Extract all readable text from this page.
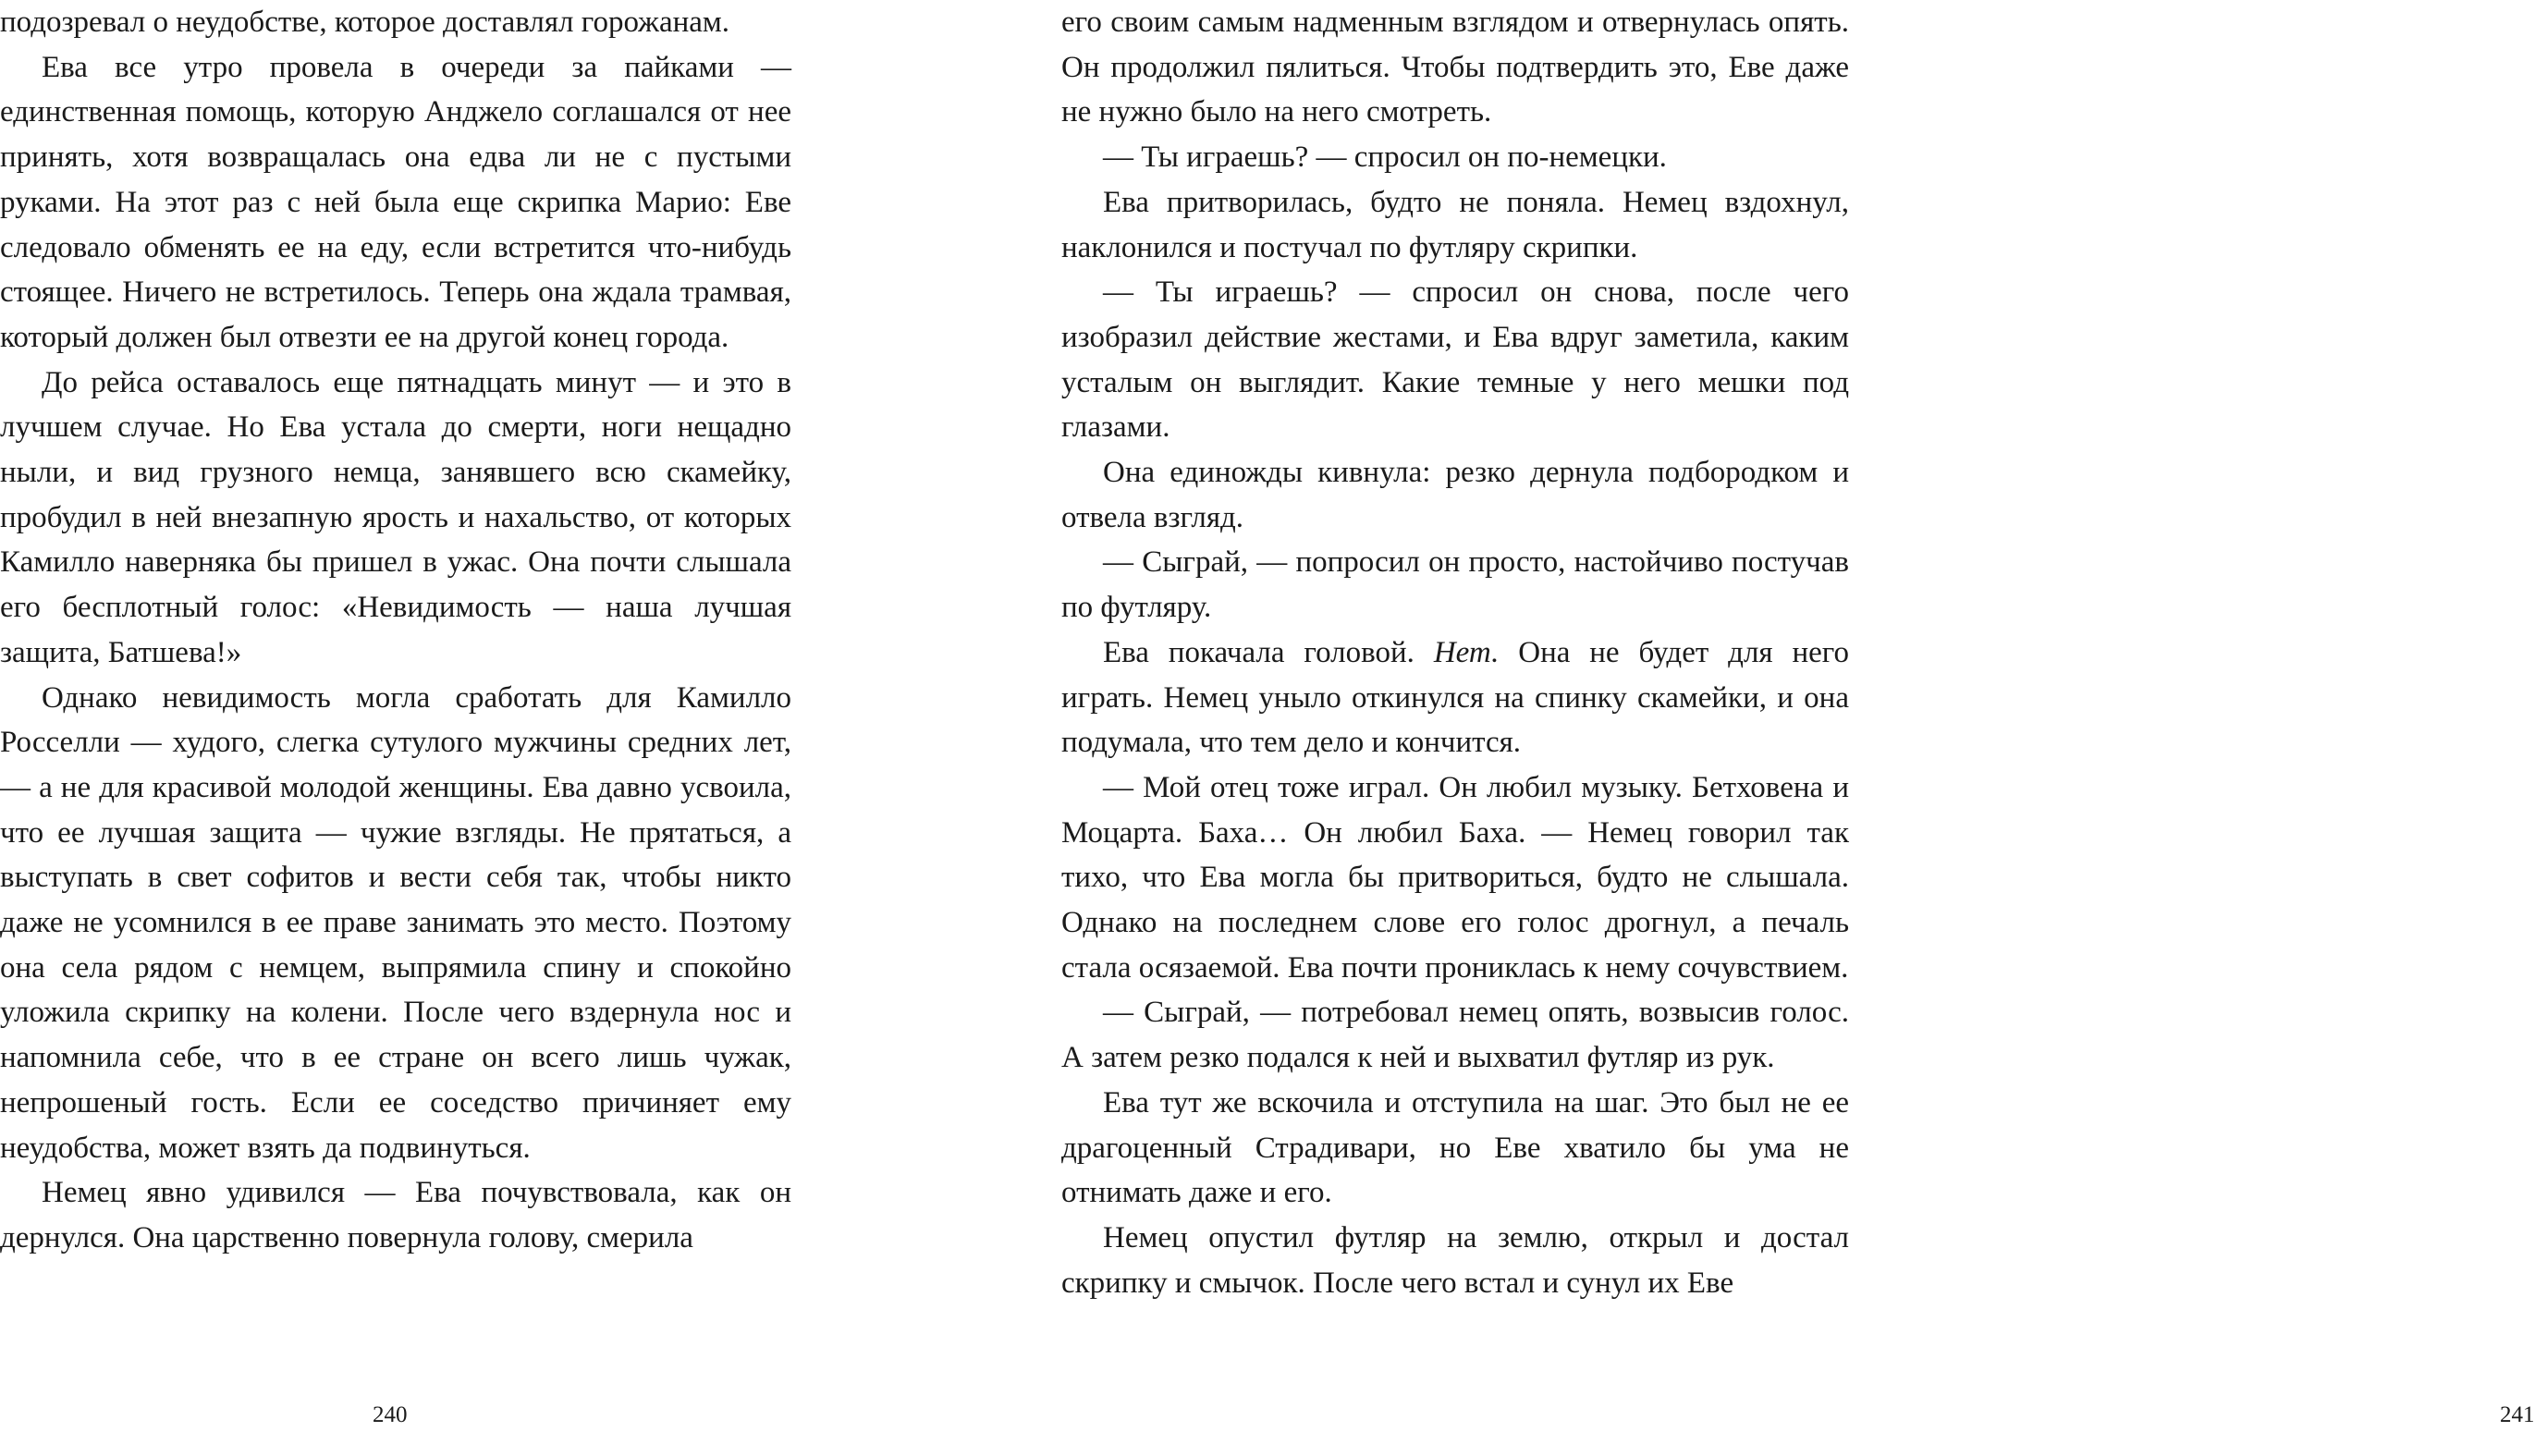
подозревал о неудобстве, которое доставлял горожанам.

Ева все утро провела в очереди за пайками — единственная помощь, которую Анджело соглашался от нее принять, хотя возвращалась она едва ли не с пустыми руками. На этот раз с ней была еще скрипка Марио: Еве следовало обменять ее на еду, если встретится что-нибудь стоящее. Ничего не встретилось. Теперь она ждала трамвая, который должен был отвезти ее на другой конец города.

До рейса оставалось еще пятнадцать минут — и это в лучшем случае. Но Ева устала до смерти, ноги нещадно ныли, и вид грузного немца, занявшего всю скамейку, пробудил в ней внезапную ярость и нахальство, от которых Камилло наверняка бы пришел в ужас. Она почти слышала его бесплотный голос: «Невидимость — наша лучшая защита, Батшева!»

Однако невидимость могла сработать для Камилло Росселли — худого, слегка сутулого мужчины средних лет, — а не для красивой молодой женщины. Ева давно усвоила, что ее лучшая защита — чужие взгляды. Не прятаться, а выступать в свет софитов и вести себя так, чтобы никто даже не усомнился в ее праве занимать это место. Поэтому она села рядом с немцем, выпрямила спину и спокойно уложила скрипку на колени. После чего вздернула нос и напомнила себе, что в ее стране он всего лишь чужак, непрошеный гость. Если ее соседство причиняет ему неудобства, может взять да подвинуться.

Немец явно удивился — Ева почувствовала, как он дернулся. Она царственно повернула голову, смерила

240

его своим самым надменным взглядом и отвернулась опять. Он продолжил пялиться. Чтобы подтвердить это, Еве даже не нужно было на него смотреть.

— Ты играешь? — спросил он по-немецки.

Ева притворилась, будто не поняла. Немец вздохнул, наклонился и постучал по футляру скрипки.

— Ты играешь? — спросил он снова, после чего изобразил действие жестами, и Ева вдруг заметила, каким усталым он выглядит. Какие темные у него мешки под глазами.

Она единожды кивнула: резко дернула подбородком и отвела взгляд.

— Сыграй, — попросил он просто, настойчиво постучав по футляру.

Ева покачала головой. Нет. Она не будет для него играть. Немец уныло откинулся на спинку скамейки, и она подумала, что тем дело и кончится.

— Мой отец тоже играл. Он любил музыку. Бетховена и Моцарта. Баха… Он любил Баха. — Немец говорил так тихо, что Ева могла бы притвориться, будто не слышала. Однако на последнем слове его голос дрогнул, а печаль стала осязаемой. Ева почти прониклась к нему сочувствием.

— Сыграй, — потребовал немец опять, возвысив голос. А затем резко подался к ней и выхватил футляр из рук.

Ева тут же вскочила и отступила на шаг. Это был не ее драгоценный Страдивари, но Еве хватило бы ума не отнимать даже и его.

Немец опустил футляр на землю, открыл и достал скрипку и смычок. После чего встал и сунул их Еве

241
